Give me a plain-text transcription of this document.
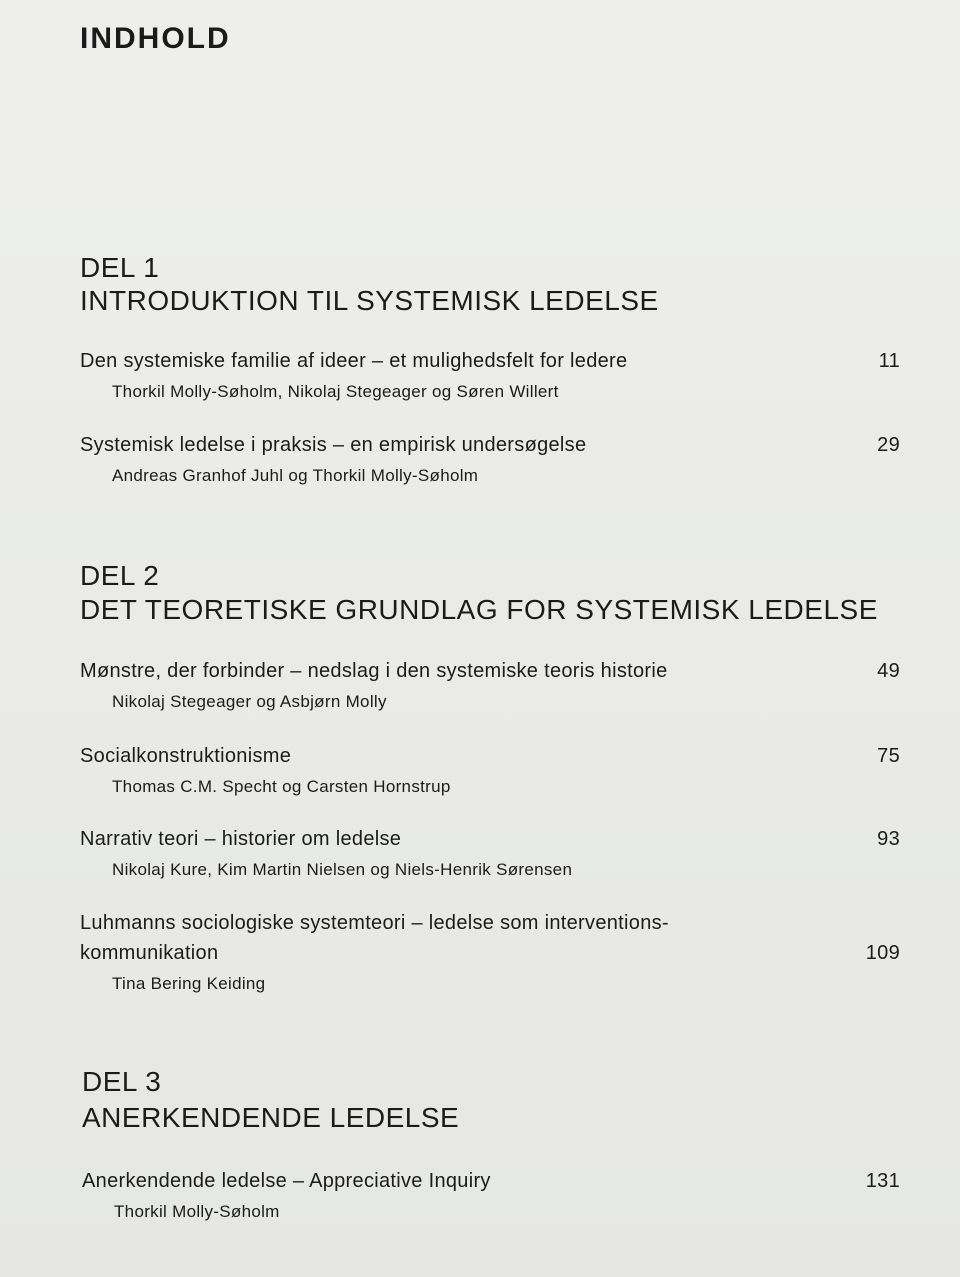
INDHOLD
DEL 1
INTRODUKTION TIL SYSTEMISK LEDELSE
Den systemiske familie af ideer – et mulighedsfelt for ledere	11
Thorkil Molly-Søholm, Nikolaj Stegeager og Søren Willert
Systemisk ledelse i praksis – en empirisk undersøgelse	29
Andreas Granhof Juhl og Thorkil Molly-Søholm
DEL 2
DET TEORETISKE GRUNDLAG FOR SYSTEMISK LEDELSE
Mønstre, der forbinder – nedslag i den systemiske teoris historie	49
Nikolaj Stegeager og Asbjørn Molly
Socialkonstruktionisme	75
Thomas C.M. Specht og Carsten Hornstrup
Narrativ teori – historier om ledelse	93
Nikolaj Kure, Kim Martin Nielsen og Niels-Henrik Sørensen
Luhmanns sociologiske systemteori – ledelse som interventions-kommunikation	109
Tina Bering Keiding
DEL 3
ANERKENDENDE LEDELSE
Anerkendende ledelse – Appreciative Inquiry	131
Thorkil Molly-Søholm
